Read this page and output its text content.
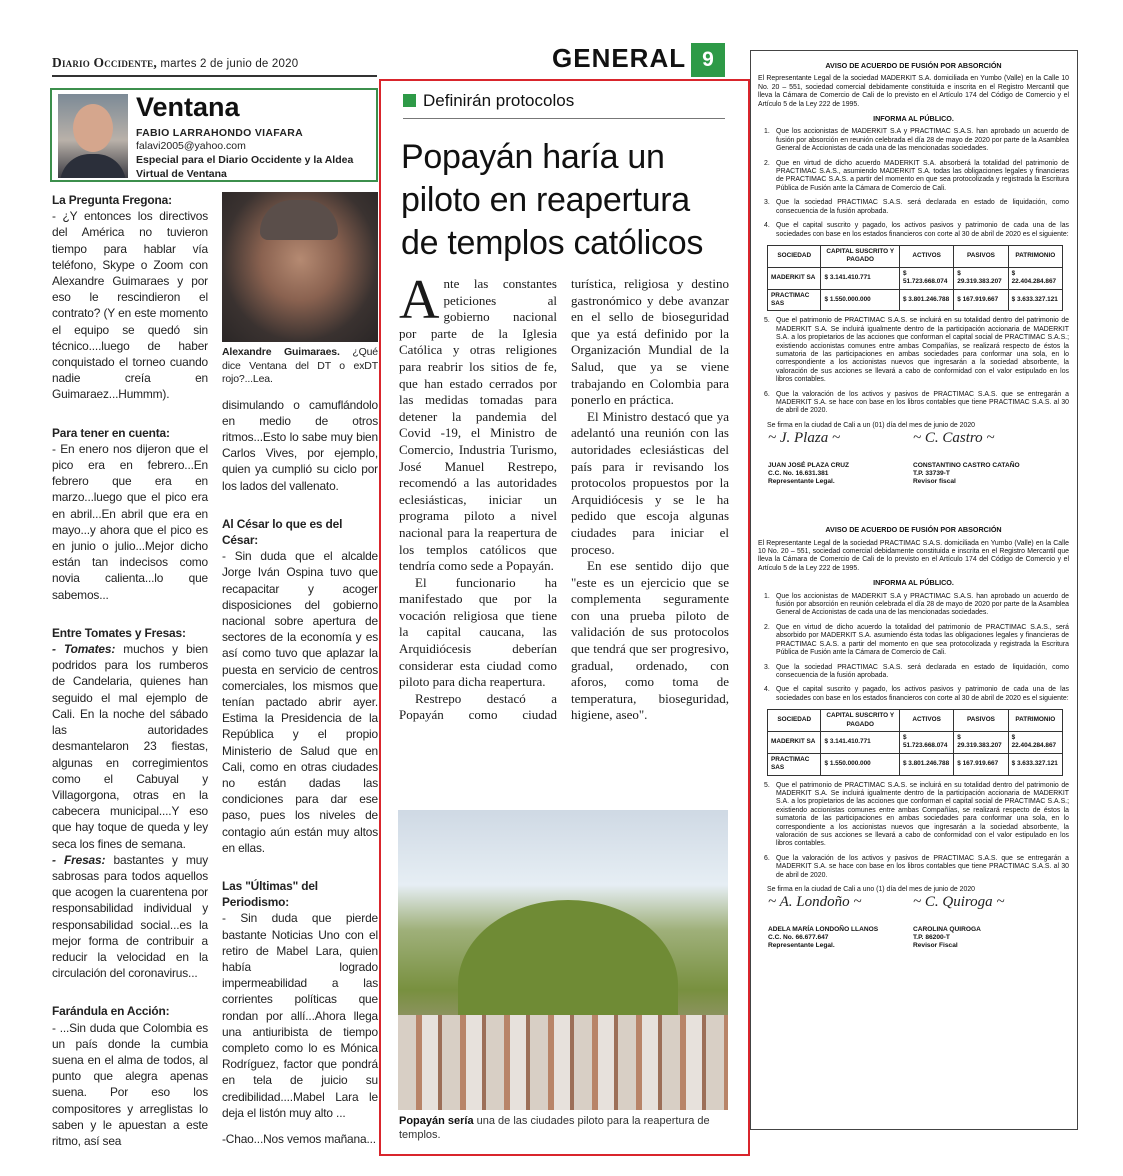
Diario Occidente, martes 2 de junio de 2020	GENERAL 9
Ventana
FABIO LARRAHONDO VIAFARA
falavi2005@yahoo.com
Especial para el Diario Occidente y la Aldea Virtual de Ventana

La Pregunta Fregona:

- ¿Y entonces los directivos del América no tuvieron tiempo para hablar vía teléfono, Skype o Zoom con Alexandre Guimaraes y por eso le rescindieron el contrato? (Y en este momento el equipo se quedó sin técnico....luego de haber conquistado el torneo cuando nadie creía en Guimaraez...Hummm).

Para tener en cuenta:

- En enero nos dijeron que el pico era en febrero...En febrero que era en marzo...luego que el pico era en abril...En abril que era en mayo...y ahora que el pico es en junio o julio...Mejor dicho están tan indecisos como novia calienta...lo que sabemos...

Entre Tomates y Fresas:

- Tomates: muchos y bien podridos para los rumberos de Candelaria, quienes han seguido el mal ejemplo de Cali. En la noche del sábado las autoridades desmantelaron 23 fiestas, algunas en corregimientos como el Cabuyal y Villagorgona, otras en la cabecera municipal....Y eso que hay toque de queda y ley seca los fines de semana.

- Fresas: bastantes y muy sabrosas para todos aquellos que acogen la cuarentena por responsabilidad individual y responsabilidad social...es la mejor forma de contribuir a reducir la velocidad en la circulación del coronavirus...

Farándula en Acción:

- ...Sin duda que Colombia es un país donde la cumbia suena en el alma de todos, al punto que alegra apenas suena. Por eso los compositores y arreglistas lo saben y le apuestan a este ritmo, así sea

Alexandre Guimaraes. ¿Qué dice Ventana del DT o exDT rojo?...Lea.

disimulando o camuflándolo en medio de otros ritmos...Esto lo sabe muy bien Carlos Vives, por ejemplo, quien ya cumplió su ciclo por los lados del vallenato.

Al César lo que es del César:

- Sin duda que el alcalde Jorge Iván Ospina tuvo que recapacitar y acoger disposiciones del gobierno nacional sobre apertura de sectores de la economía y es así como tuvo que aplazar la puesta en servicio de centros comerciales, los mismos que tenían pactado abrir ayer. Estima la Presidencia de la República y el propio Ministerio de Salud que en Cali, como en otras ciudades no están dadas las condiciones para dar ese paso, pues los niveles de contagio aún están muy altos en ellas.

Las "Últimas" del Periodismo:

- Sin duda que pierde bastante Noticias Uno con el retiro de Mabel Lara, quien había logrado impermeabilidad a las corrientes políticas que rondan por allí...Ahora llega una antiuribista de tiempo completo como lo es Mónica Rodríguez, factor que pondrá en tela de juicio su credibilidad....Mabel Lara le deja el listón muy alto ...

-Chao...Nos vemos mañana...

Definirán protocolos
Popayán haría un piloto en reapertura de templos católicos

Ante las constantes peticiones al gobierno nacional por parte de la Iglesia Católica y otras religiones para reabrir los sitios de fe, que han estado cerrados por las medidas tomadas para detener la pandemia del Covid -19, el Ministro de Comercio, Industria Turismo, José Manuel Restrepo, recomendó a las autoridades eclesiásticas, iniciar un programa piloto a nivel nacional para la reapertura de los templos católicos que tendría como sede a Popayán.

El funcionario ha manifestado que por la vocación religiosa que tiene la capital caucana, las Arquidiócesis deberían considerar esta ciudad como piloto para dicha reapertura.

Restrepo destacó a Popayán como ciudad turística, religiosa y destino gastronómico y debe avanzar en el sello de bioseguridad que ya está definido por la Organización Mundial de la Salud, que ya se viene trabajando en Colombia para ponerlo en práctica.

El Ministro destacó que ya adelantó una reunión con las autoridades eclesiásticas del país para ir revisando los protocolos propuestos por la Arquidiócesis y se le ha pedido que escoja algunas ciudades para iniciar el proceso.

En ese sentido dijo que "este es un ejercicio que se complementa seguramente con una prueba piloto de validación de sus protocolos que tendrá que ser progresivo, gradual, ordenado, con aforos, como toma de temperatura, bioseguridad, higiene, aseo".

Popayán sería una de las ciudades piloto para la reapertura de templos.
AVISO DE ACUERDO DE FUSIÓN POR ABSORCIÓN

El Representante Legal de la sociedad MADERKIT S.A. domiciliada en Yumbo (Valle) en la Calle 10 No. 20 – 551, sociedad comercial debidamente constituida e inscrita en el Registro Mercantil que lleva la Cámara de Comercio de Cali de lo previsto en el Artículo 174 del Código de Comercio y el Artículo 5 de la Ley 222 de 1995.

INFORMA AL PÚBLICO.
1. Que los accionistas de MADERKIT S.A y PRACTIMAC S.A.S. han aprobado un acuerdo de fusión por absorción en reunión celebrada el día 28 de mayo de 2020 por parte de la Asamblea General de Accionistas de cada una de las mencionadas sociedades.
2. Que en virtud de dicho acuerdo MADERKIT S.A. absorberá la totalidad del patrimonio de PRACTIMAC S.A.S., asumiendo MADERKIT S.A. todas las obligaciones legales y financieras de PRACTIMAC S.A.S. a partir del momento en que sea protocolizada y registrada la Escritura Pública de Fusión ante la Cámara de Comercio de Cali.
3. Que la sociedad PRACTIMAC S.A.S. será declarada en estado de liquidación, como consecuencia de la fusión aprobada.
4. Que el capital suscrito y pagado, los activos pasivos y patrimonio de cada una de las sociedades con base en los estados financieros con corte al 30 de abril de 2020 es el siguiente:
SOCIEDAD	CAPITAL SUSCRITO Y PAGADO	ACTIVOS	PASIVOS	PATRIMONIO
MADERKIT SA	$ 3.141.410.771	$ 51.723.668.074	$ 29.319.383.207	$ 22.404.284.867
PRACTIMAC SAS	$ 1.550.000.000	$ 3.801.246.788	$ 167.919.667	$ 3.633.327.121
5. Que el patrimonio de PRACTIMAC S.A.S. se incluirá en su totalidad dentro del patrimonio de MADERKIT S.A. Se incluirá igualmente dentro de la participación accionaria de MADERKIT S.A. a los propietarios de las acciones que conforman el capital social de PRACTIMAC S.A.S.; existiendo accionistas comunes entre ambas Compañías, se realizará respecto de éstos la sumatoria de las participaciones en ambas sociedades para conformar una sola, en lo correspondiente a los accionistas nuevos que ingresarán a la sociedad absorbente, la valoración de sus acciones se llevará a cabo de conformidad con el valor estipulado en los libros contables.
6. Que la valoración de los activos y pasivos de PRACTIMAC S.A.S. que se entregarán a MADERKIT S.A. se hace con base en los libros contables que tiene PRACTIMAC S.A.S. al 30 de abril de 2020.

Se firma en la ciudad de Cali a un (01) día del mes de junio de 2020

~ J. Plaza ~
JUAN JOSÉ PLAZA CRUZ
C.C. No. 16.631.381
Representante Legal.
~ C. Castro ~
CONSTANTINO CASTRO CATAÑO
T.P. 33739-T
Revisor fiscal
AVISO DE ACUERDO DE FUSIÓN POR ABSORCIÓN

El Representante Legal de la sociedad PRACTIMAC S.A.S. domiciliada en Yumbo (Valle) en la Calle 10 No. 20 – 551, sociedad comercial debidamente constituida e inscrita en el Registro Mercantil que lleva la Cámara de Comercio de Cali de lo previsto en el Artículo 174 del Código de Comercio y el Artículo 5 de la Ley 222 de 1995.

INFORMA AL PÚBLICO.
1. Que los accionistas de MADERKIT S.A y PRACTIMAC S.A.S. han aprobado un acuerdo de fusión por absorción en reunión celebrada el día 28 de mayo de 2020 por parte de la Asamblea General de Accionistas de cada una de las mencionadas sociedades.
2. Que en virtud de dicho acuerdo la totalidad del patrimonio de PRACTIMAC S.A.S., será absorbido por MADERKIT S.A. asumiendo ésta todas las obligaciones legales y financieras de PRACTIMAC S.A.S. a partir del momento en que sea protocolizada y registrada la Escritura Pública de Fusión ante la Cámara de Comercio de Cali.
3. Que la sociedad PRACTIMAC S.A.S. será declarada en estado de liquidación, como consecuencia de la fusión aprobada.
4. Que el capital suscrito y pagado, los activos pasivos y patrimonio de cada una de las sociedades con base en los estados financieros con corte al 30 de abril de 2020 es el siguiente:
SOCIEDAD	CAPITAL SUSCRITO Y PAGADO	ACTIVOS	PASIVOS	PATRIMONIO
MADERKIT SA	$ 3.141.410.771	$ 51.723.668.074	$ 29.319.383.207	$ 22.404.284.867
PRACTIMAC SAS	$ 1.550.000.000	$ 3.801.246.788	$ 167.919.667	$ 3.633.327.121
5. Que el patrimonio de PRACTIMAC S.A.S. se incluirá en su totalidad dentro del patrimonio de MADERKIT S.A. Se incluirá igualmente dentro de la participación accionaria de MADERKIT S.A. a los propietarios de las acciones que conforman el capital social de PRACTIMAC S.A.S.; existiendo accionistas comunes entre ambas Compañías, se realizará respecto de éstos la sumatoria de las participaciones en ambas sociedades para conformar una sola, en lo correspondiente a los accionistas nuevos que ingresarán a la sociedad absorbente, la valoración de sus acciones se llevará a cabo de conformidad con el valor estipulado en los libros contables.
6. Que la valoración de los activos y pasivos de PRACTIMAC S.A.S. que se entregarán a MADERKIT S.A. se hace con base en los libros contables que tiene PRACTIMAC S.A.S. al 30 de abril de 2020.

Se firma en la ciudad de Cali a uno (1) día del mes de junio de 2020

~ A. Londoño ~
ADELA MARÍA LONDOÑO LLANOS
C.C. No. 66.677.647
Representante Legal.
~ C. Quiroga ~
CAROLINA QUIROGA
T.P. 86200-T
Revisor Fiscal
